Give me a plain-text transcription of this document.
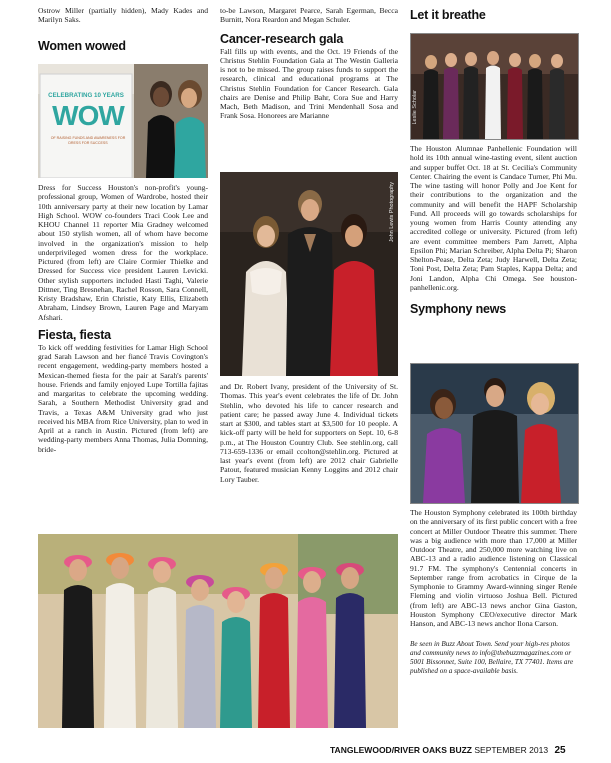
Ostrow Miller (partially hidden), Mady Kades and Marilyn Saks.

Women wowed
CELEBRATING 10 YEARS
WOW
OF RAISING FUNDS AND AWARENESS FOR DRESS FOR SUCCESS

Dress for Success Houston's non-profit's young-professional group, Women of Wardrobe, hosted their 10th anniversary party at their new location by Lamar High School. WOW co-founders Traci Cook Lee and KHOU Channel 11 reporter Mia Gradney welcomed about 150 stylish women, all of whom have become involved in the organization's mission to help underprivileged women dress for the workplace. Pictured (from left) are Claire Cormier Thielke and Dressed for Success vice president Lauren Levicki. Other stylish supporters included Hasti Taghi, Valerie Dittner, Ting Bresnehan, Rachel Rosson, Sara Connell, Kristy Bradshaw, Erin Christie, Katy Ellis, Elizabeth Abraham, Lindsey Brown, Lauren Page and Maryam Afshari.

Fiesta, fiesta

To kick off wedding festivities for Lamar High School grad Sarah Lawson and her fiancé Travis Covington's recent engagement, wedding-party members hosted a Mexican-themed fiesta for the pair at Sarah's parents' house. Friends and family enjoyed Lupe Tortilla fajitas and margaritas to celebrate the upcoming wedding. Sarah, a Southern Methodist University grad and Travis, a Texas A&M University grad who just received his MBA from Rice University, plan to wed in April at a ranch in Austin. Pictured (from left) are wedding-party members Anna Thomas, Julia Domning, bride-

to-be Lawson, Margaret Pearce, Sarah Egerman, Becca Burnitt, Nora Reardon and Megan Schuler.

Cancer-research gala

Fall fills up with events, and the Oct. 19 Friends of the Christus Stehlin Foundation Gala at The Westin Galleria is not to be missed. The group raises funds to support the research, clinical and educational programs at The Christus Stehlin Foundation for Cancer Research. Gala chairs are Denise and Philip Bahr, Cora Sue and Harry Mach, Beth Madison, and Trini Mendenhall Sosa and Frank Sosa. Honorees are Marianne

John Lewis Photography

and Dr. Robert Ivany, president of the University of St. Thomas. This year's event celebrates the life of Dr. John Stehlin, who devoted his life to cancer research and patient care; he passed away June 4. Individual tickets start at $300, and tables start at $3,500 for 10 people. A kick-off party will be held for supporters on Sept. 10, 6-8 p.m., at The Houston Country Club. See stehlin.org, call 713-659-1336 or email ccolton@stehlin.org. Pictured at last year's event (from left) are 2012 chair Gabrielle Patout, featured musician Kenny Loggins and 2012 chair Lory Tauber.

Let it breathe
Leslie Scholar

The Houston Alumnae Panhellenic Foundation will hold its 10th annual wine-tasting event, silent auction and supper buffet Oct. 18 at St. Cecilia's Community Center. Chairing the event is Candace Turner, Phi Mu. The wine tasting will honor Polly and Joe Kent for their contributions to the organization and the community and will benefit the HAPF Scholarship Fund. All proceeds will go towards scholarships for young women from Harris County attending any accredited college or university. Pictured (from left) are event committee members Pam Jarrett, Alpha Epsilon Phi; Marian Schreiber, Alpha Delta Pi; Sharon Shelton-Pease, Delta Zeta; Judy Harwell, Delta Zeta; Toni Post, Delta Zeta; Pam Staples, Kappa Delta; and Joni Landon, Alpha Chi Omega. See houston-panhellenic.org.

Symphony news

The Houston Symphony celebrated its 100th birthday on the anniversary of its first public concert with a free concert at Miller Outdoor Theatre this summer. There was a big audience with more than 17,000 at Miller Outdoor Theatre, and 250,000 more watching live on ABC-13 and a radio audience listening on Classical 91.7 FM. The symphony's Centennial concerts in September range from acrobatics in Cirque de la Symphonie to Grammy Award-winning singer Renée Fleming and violin virtuoso Joshua Bell. Pictured (from left) are ABC-13 news anchor Gina Gaston, Houston Symphony CEO/executive director Mark Hanson, and ABC-13 news anchor Ilona Carson.

Be seen in Buzz About Town. Send your high-res photos and community news to info@thebuzzmagazines.com or 5001 Bissonnet, Suite 100, Bellaire, TX 77401. Items are published on a space-available basis.

TANGLEWOOD/RIVER OAKS BUZZ SEPTEMBER 2013 25
